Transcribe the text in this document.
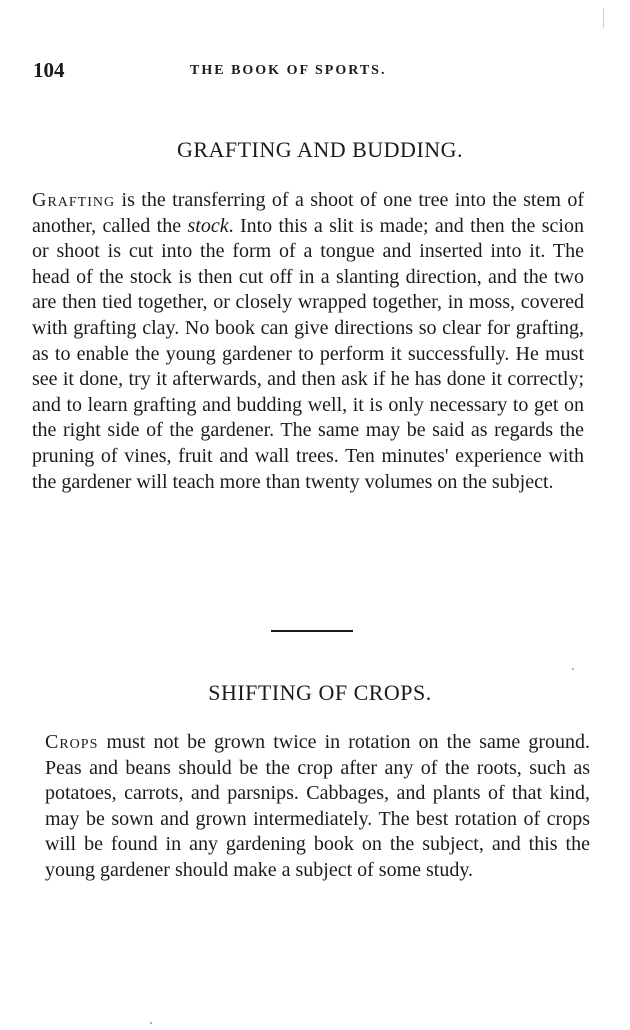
104	THE BOOK OF SPORTS.
GRAFTING AND BUDDING.
Grafting is the transferring of a shoot of one tree into the stem of another, called the stock. Into this a slit is made; and then the scion or shoot is cut into the form of a tongue and inserted into it. The head of the stock is then cut off in a slanting direction, and the two are then tied together, or closely wrapped together, in moss, covered with grafting clay. No book can give directions so clear for grafting, as to enable the young gardener to perform it successfully. He must see it done, try it afterwards, and then ask if he has done it correctly; and to learn grafting and budding well, it is only necessary to get on the right side of the gardener. The same may be said as regards the pruning of vines, fruit and wall trees. Ten minutes' experience with the gardener will teach more than twenty volumes on the subject.
SHIFTING OF CROPS.
Crops must not be grown twice in rotation on the same ground. Peas and beans should be the crop after any of the roots, such as potatoes, carrots, and parsnips. Cabbages, and plants of that kind, may be sown and grown intermediately. The best rotation of crops will be found in any gardening book on the subject, and this the young gardener should make a subject of some study.
